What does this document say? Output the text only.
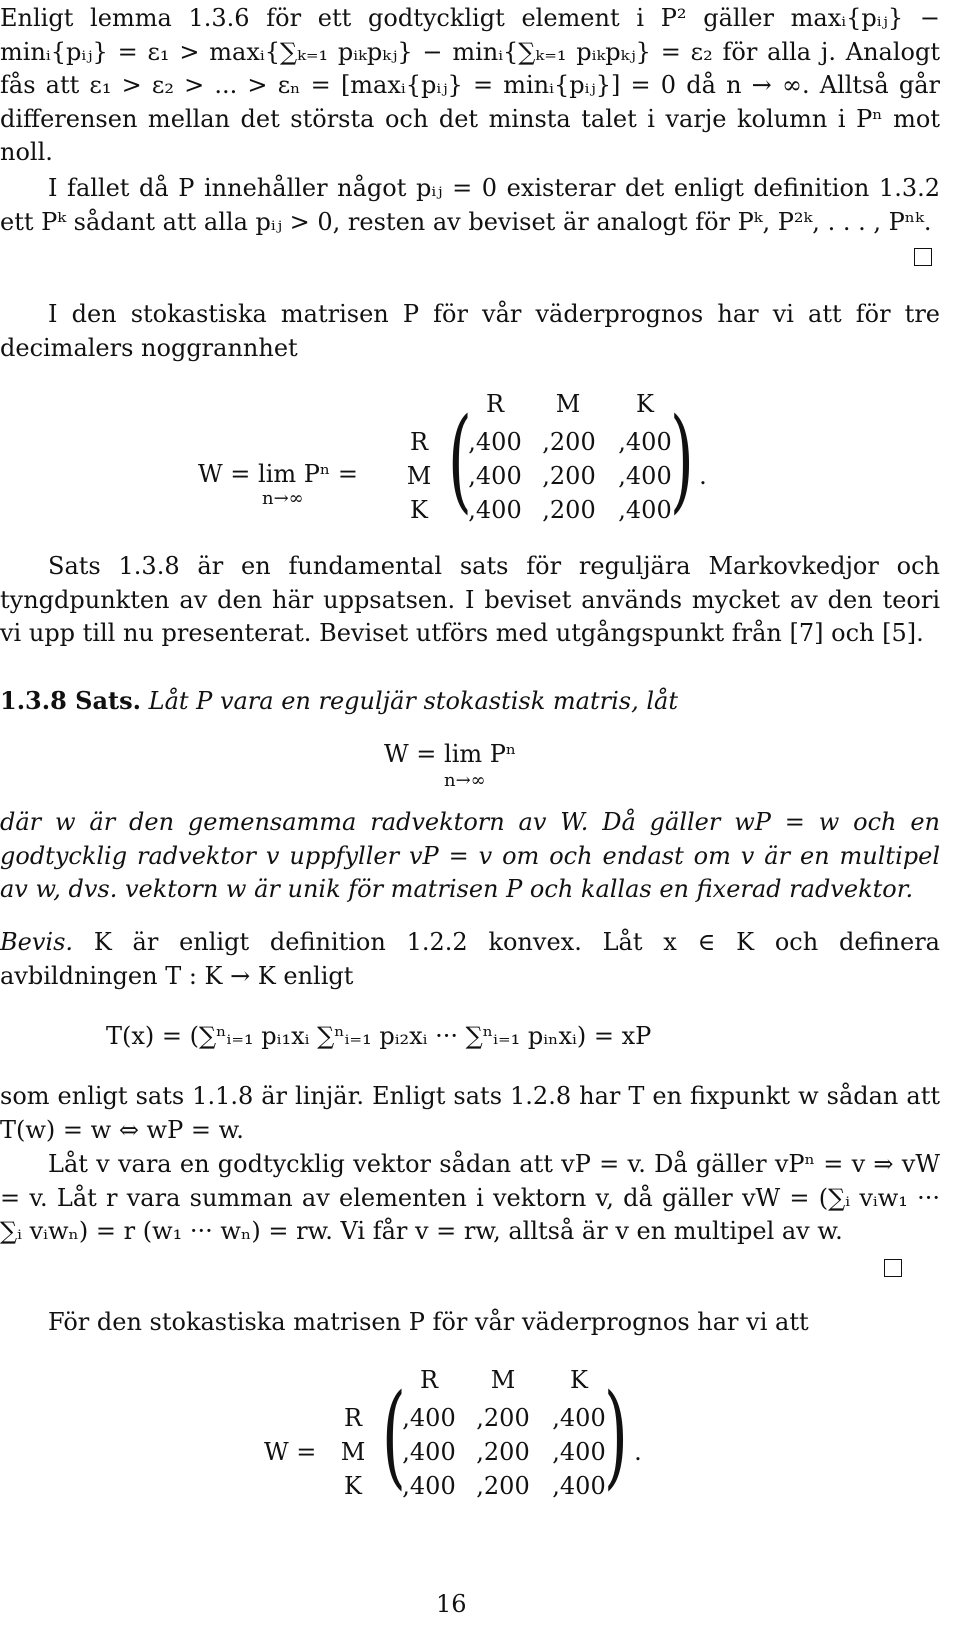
Enligt lemma 1.3.6 för ett godtyckligt element i P² gäller maxᵢ{pᵢⱼ} − minᵢ{pᵢⱼ} = ε₁ > maxᵢ{∑ₖ₌₁ pᵢₖpₖⱼ} − minᵢ{∑ₖ₌₁ pᵢₖpₖⱼ} = ε₂ för alla j. Analogt fås att ε₁ > ε₂ > ... > εₙ = [maxᵢ{pᵢⱼ} = minᵢ{pᵢⱼ}] = 0 då n → ∞. Alltså går differensen mellan det största och det minsta talet i varje kolumn i Pⁿ mot noll.

I fallet då P innehåller något pᵢⱼ = 0 existerar det enligt definition 1.3.2 ett Pᵏ sådant att alla pᵢⱼ > 0, resten av beviset är analogt för Pᵏ, P²ᵏ, . . . , Pⁿᵏ.

I den stokastiska matrisen P för vår väderprognos har vi att för tre decimalers noggrannhet

W = lim Pⁿ =
n→∞
R M K
R
M
K ( )
,400 ,200 ,400
,400 ,200 ,400
,400 ,200 ,400
.

Sats 1.3.8 är en fundamental sats för reguljära Markovkedjor och tyngdpunkten av den här uppsatsen. I beviset används mycket av den teori vi upp till nu presenterat. Beviset utförs med utgångspunkt från [7] och [5].

1.3.8 Sats. Låt P vara en reguljär stokastisk matris, låt

W = lim Pⁿ
n→∞

där w är den gemensamma radvektorn av W. Då gäller wP = w och en godtycklig radvektor v uppfyller vP = v om och endast om v är en multipel av w, dvs. vektorn w är unik för matrisen P och kallas en fixerad radvektor.

Bevis. K är enligt definition 1.2.2 konvex. Låt x ∈ K och definera avbildningen T : K → K enligt

T(x) = (∑ⁿᵢ₌₁ pᵢ₁xᵢ ∑ⁿᵢ₌₁ pᵢ₂xᵢ ··· ∑ⁿᵢ₌₁ pᵢₙxᵢ) = xP

som enligt sats 1.1.8 är linjär. Enligt sats 1.2.8 har T en fixpunkt w sådan att T(w) = w ⇔ wP = w.

Låt v vara en godtycklig vektor sådan att vP = v. Då gäller vPⁿ = v ⇒ vW = v. Låt r vara summan av elementen i vektorn v, då gäller vW = (∑ᵢ vᵢw₁ ··· ∑ᵢ vᵢwₙ) = r (w₁ ··· wₙ) = rw. Vi får v = rw, alltså är v en multipel av w.

För den stokastiska matrisen P för vår väderprognos har vi att

W =
R M K
R
M
K ( )
,400 ,200 ,400
,400 ,200 ,400
,400 ,200 ,400
.
16
